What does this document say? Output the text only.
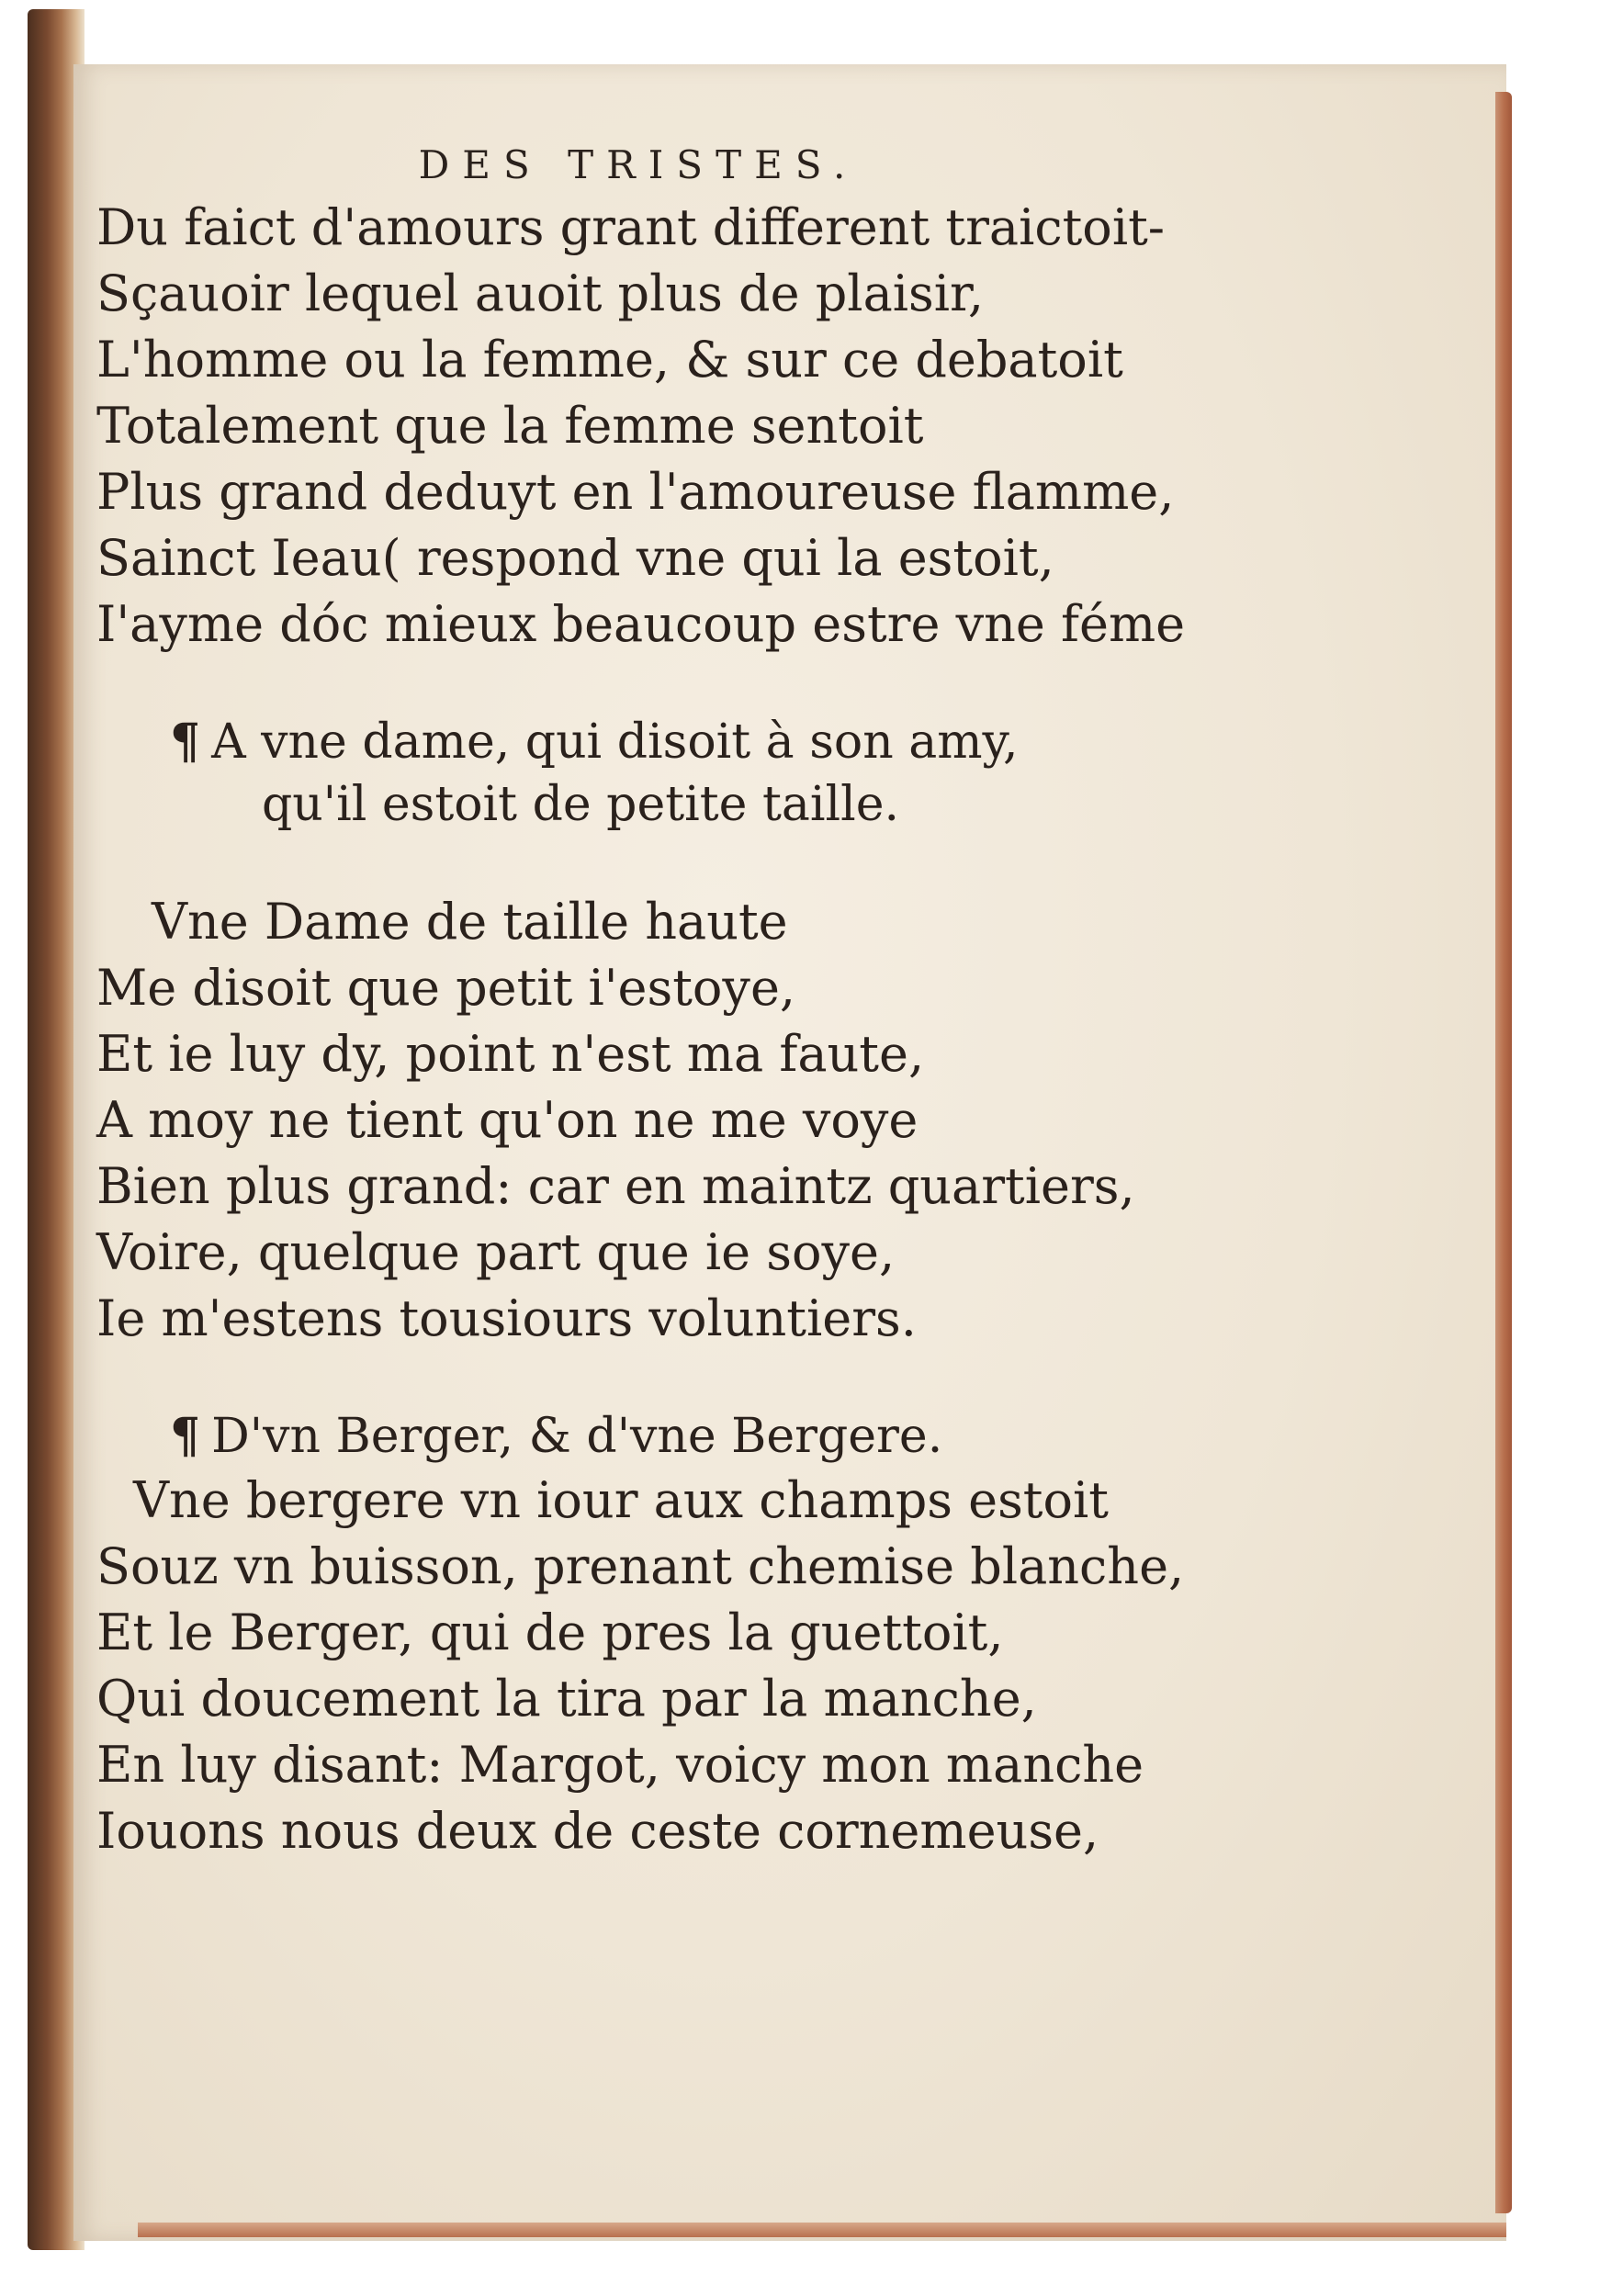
DES TRISTES.
Du faict d'amours grant different traictoit-
Sçauoir lequel auoit plus de plaisir,
L'homme ou la femme, & sur ce debatoit
Totalement que la femme sentoit
Plus grand deduyt en l'amoureuse flamme,
Sainct Ieau( respond vne qui la estoit,
I'ayme dóc mieux beaucoup estre vne féme
¶ A vne dame, qui disoit à son amy,
qu'il estoit de petite taille.
Vne Dame de taille haute
Me disoit que petit i'estoye,
Et ie luy dy, point n'est ma faute,
A moy ne tient qu'on ne me voye
Bien plus grand: car en maintz quartiers,
Voire, quelque part que ie soye,
Ie m'estens tousiours voluntiers.
¶ D'vn Berger, & d'vne Bergere.
Vne bergere vn iour aux champs estoit
Souz vn buisson, prenant chemise blanche,
Et le Berger, qui de pres la guettoit,
Qui doucement la tira par la manche,
En luy disant: Margot, voicy mon manche
Iouons nous deux de ceste cornemeuse,
